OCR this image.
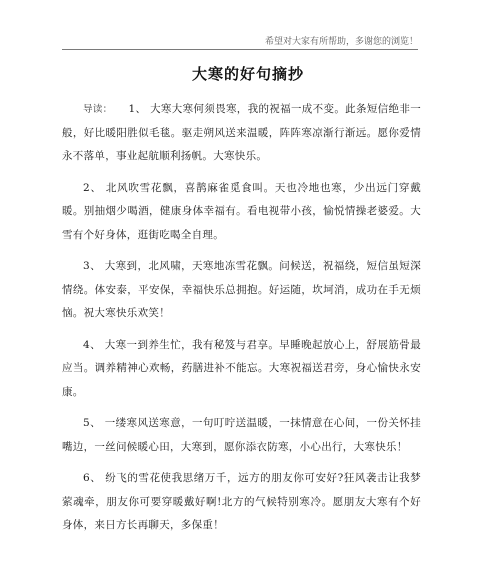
希望对大家有所帮助，多谢您的浏览！
大寒的好句摘抄

导读： 1、 大寒大寒何须畏寒，我的祝福一成不变。此条短信绝非一般，好比暖阳胜似毛毯。驱走朔风送来温暖，阵阵寒凉渐行渐远。愿你爱情永不落单，事业起航顺利扬帆。大寒快乐。

2、 北风吹雪花飘，喜鹊麻雀觅食叫。天也冷地也寒，少出远门穿戴暖。别抽烟少喝酒，健康身体幸福有。看电视带小孩，愉悦情操老婆爱。大雪有个好身体，逛街吃喝全自理。

3、 大寒到，北风啸，天寒地冻雪花飘。问候送，祝福绕，短信虽短深情绕。体安泰，平安保，幸福快乐总拥抱。好运随，坎坷消，成功在手无烦恼。祝大寒快乐欢笑！

4、 大寒一到养生忙，我有秘笈与君享。早睡晚起放心上，舒展筋骨最应当。调养精神心欢畅，药膳进补不能忘。大寒祝福送君旁，身心愉快永安康。

5、 一缕寒风送寒意，一句叮咛送温暖，一抹情意在心间，一份关怀挂嘴边，一丝问候暖心田，大寒到，愿你添衣防寒，小心出行，大寒快乐！

6、 纷飞的雪花使我思绪万千，远方的朋友你可安好?狂风袭击让我梦萦魂牵，朋友你可要穿暖戴好啊!北方的气候特别寒冷。愿朋友大寒有个好身体，来日方长再聊天，多保重！
